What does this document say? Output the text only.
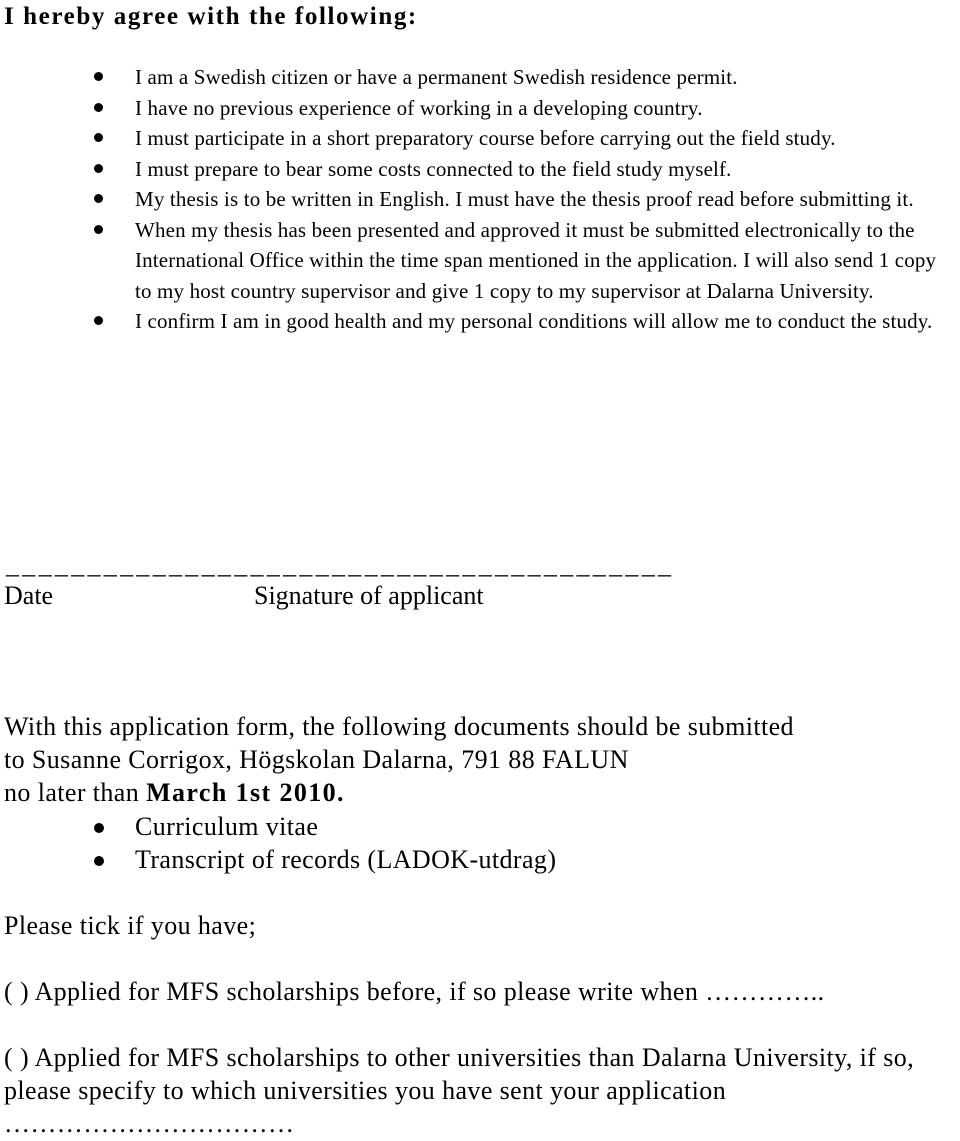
I hereby agree with the following:
I am a Swedish citizen or have a permanent Swedish residence permit.
I have no previous experience of working in a developing country.
I must participate in a short preparatory course before carrying out the field study.
I must prepare to bear some costs connected to the field study myself.
My thesis is to be written in English. I must have the thesis proof read before submitting it.
When my thesis has been presented and approved it must be submitted electronically to the International Office within the time span mentioned in the application. I will also send 1 copy to my host country supervisor and give 1 copy to my supervisor at Dalarna University.
I confirm I am in good health and my personal conditions will allow me to conduct the study.
_________________________________________
Date	Signature of applicant
With this application form, the following documents should be submitted
to Susanne Corrigox, Högskolan Dalarna, 791 88 FALUN
no later than March 1st 2010.
Curriculum vitae
Transcript of records (LADOK-utdrag)
Please tick if you have;
( ) Applied for MFS scholarships before, if so please write when …………..
( ) Applied for MFS scholarships to other universities than Dalarna University, if so, please specify to which universities you have sent your application ……………………………
